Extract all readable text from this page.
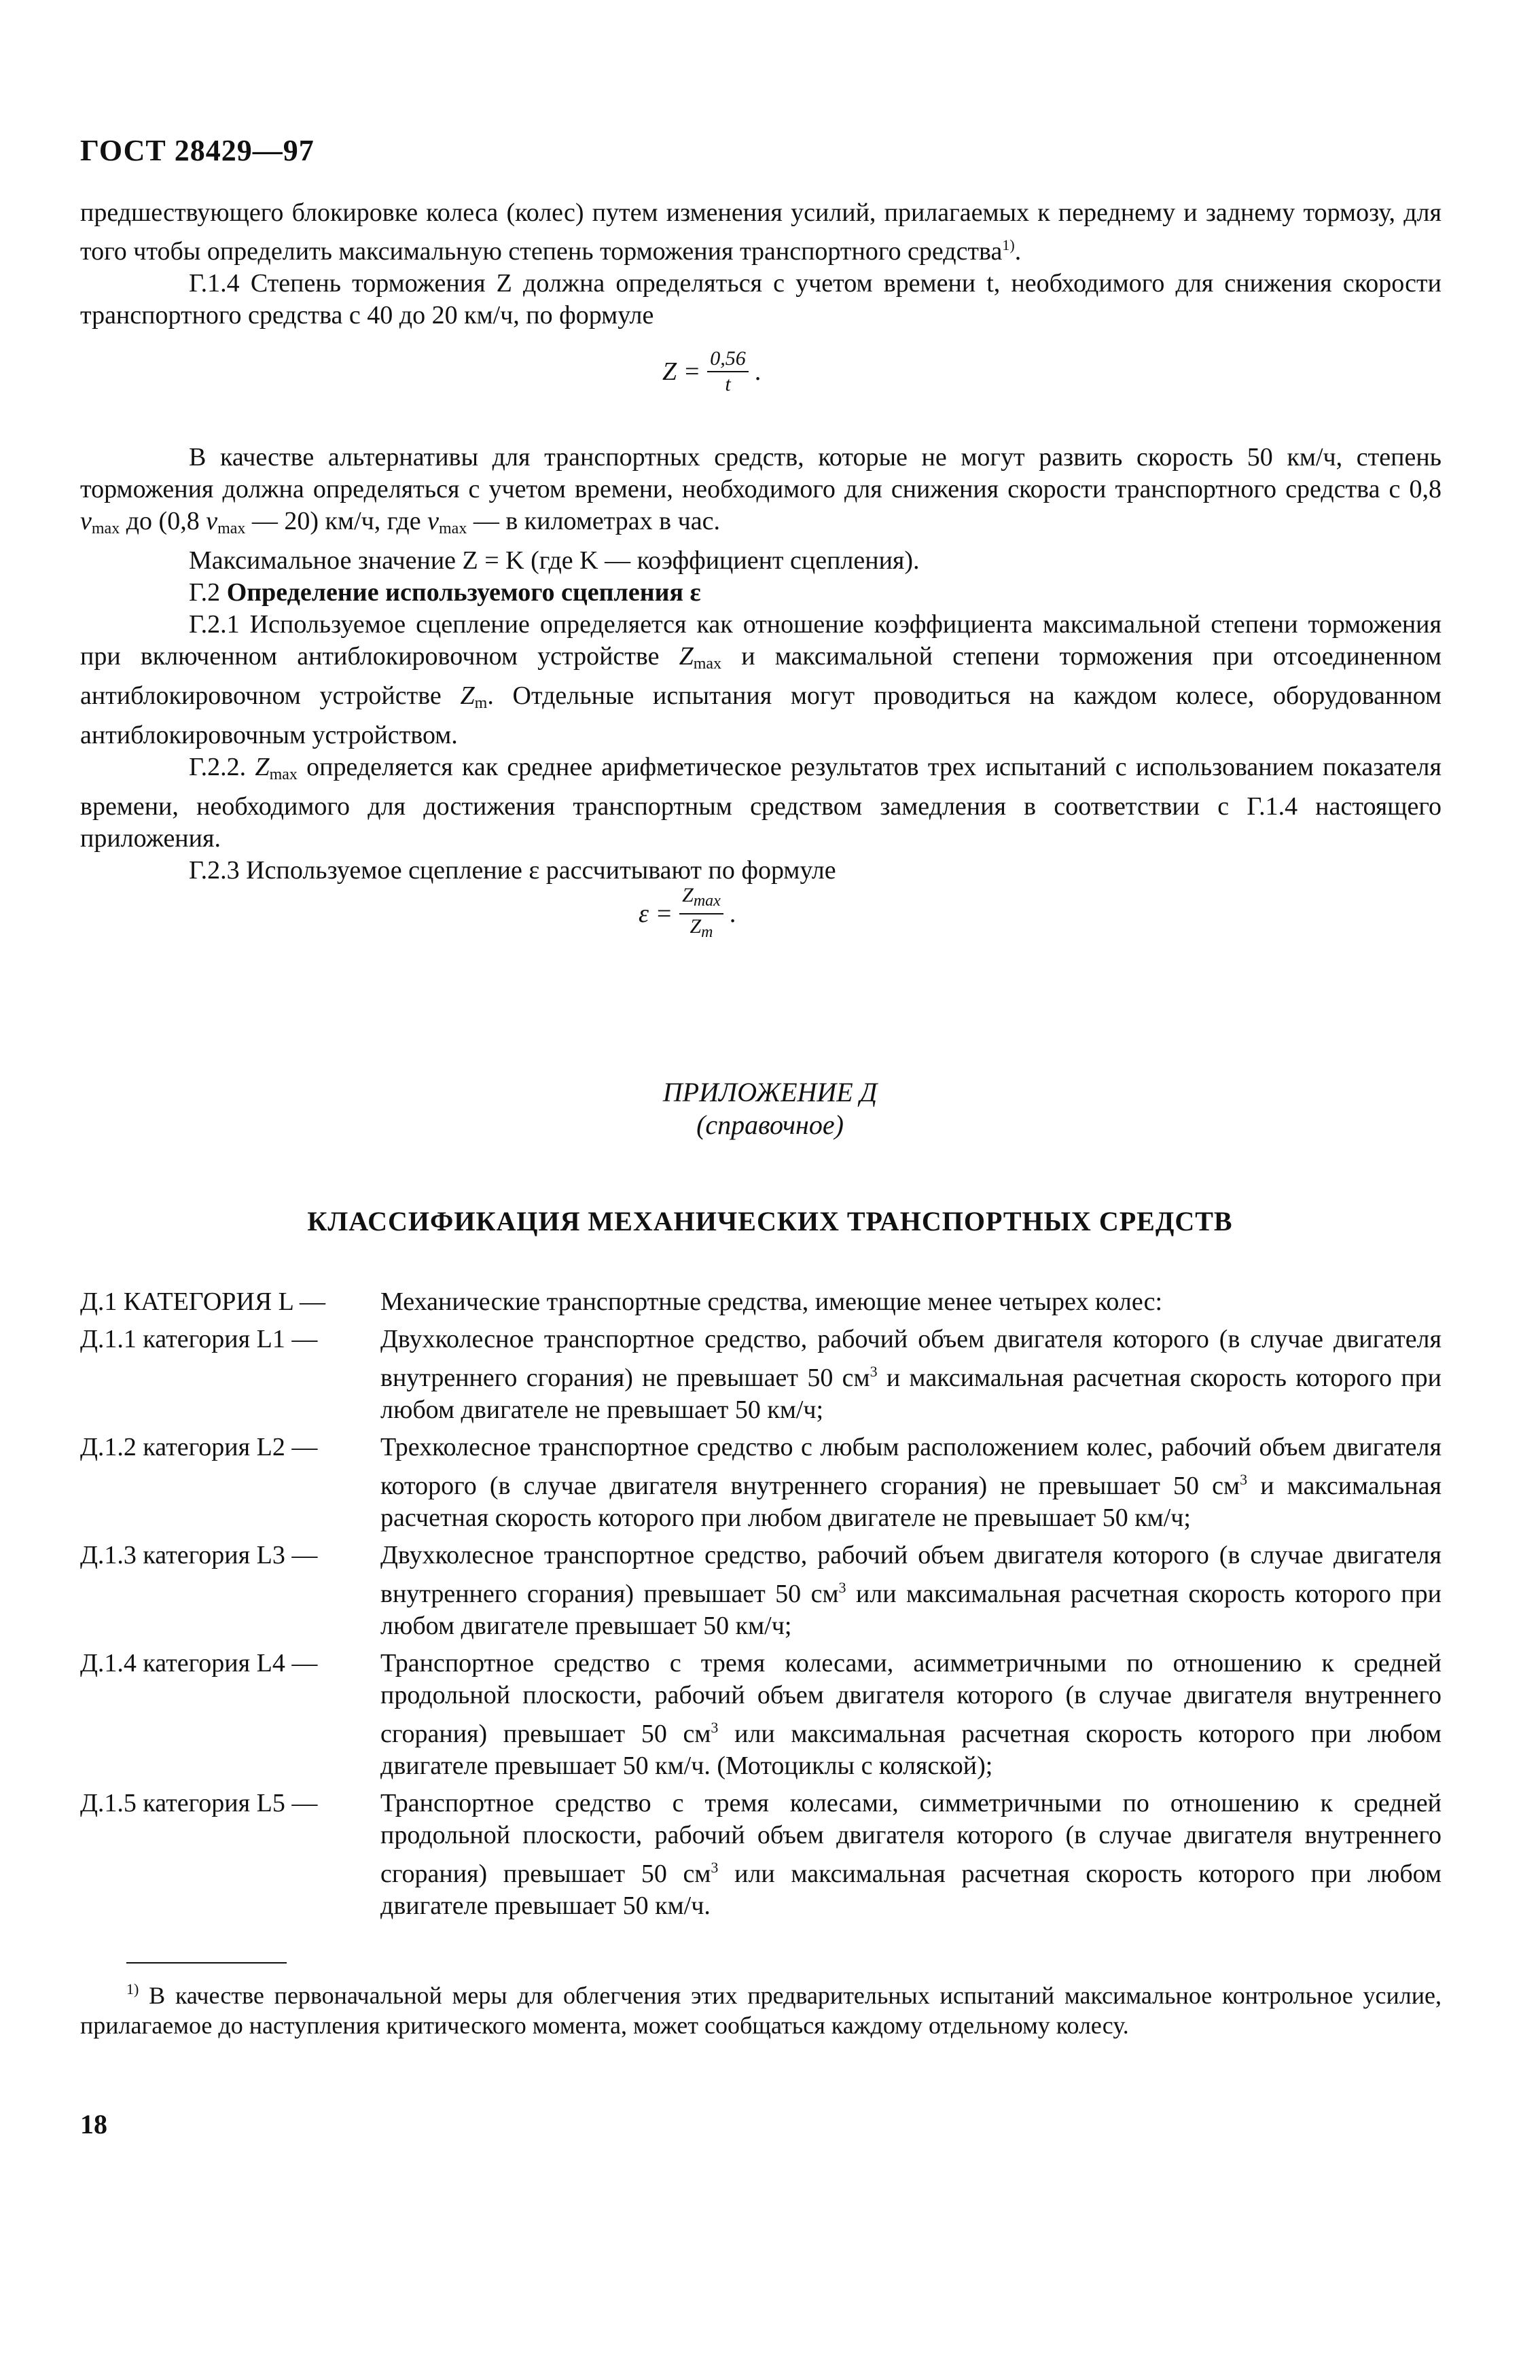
ГОСТ 28429—97

предшествующего блокировке колеса (колес) путем изменения усилий, прилагаемых к переднему и заднему тормозу, для того чтобы определить максимальную степень торможения транспортного средства$^{1)}$.

Г.1.4 Степень торможения Z должна определяться с учетом времени t, необходимого для снижения скорости транспортного средства с 40 до 20 км/ч, по формуле

$Z = \frac{0,56}{t}$ .

В качестве альтернативы для транспортных средств, которые не могут развить скорость 50 км/ч, степень торможения должна определяться с учетом времени, необходимого для снижения скорости транспортного средства с 0,8 $v_{max}$ до (0,8 $v_{max}$ — 20) км/ч, где $v_{max}$ — в километрах в час.

Максимальное значение Z = K (где K — коэффициент сцепления).

Г.2 Определение используемого сцепления ε

Г.2.1 Используемое сцепление определяется как отношение коэффициента максимальной степени торможения при включенном антиблокировочном устройстве $Z_{max}$ и максимальной степени торможения при отсоединенном антиблокировочном устройстве $Z_m$. Отдельные испытания могут проводиться на каждом колесе, оборудованном антиблокировочным устройством.

Г.2.2. $Z_{max}$ определяется как среднее арифметическое результатов трех испытаний с использованием показателя времени, необходимого для достижения транспортным средством замедления в соответствии с Г.1.4 настоящего приложения.

Г.2.3 Используемое сцепление ε рассчитывают по формуле

$\varepsilon = \frac{Z_{max}}{Z_m}$ .
ПРИЛОЖЕНИЕ Д
(справочное)
КЛАССИФИКАЦИЯ МЕХАНИЧЕСКИХ ТРАНСПОРТНЫХ СРЕДСТВ
Д.1 КАТЕГОРИЯ L —	Механические транспортные средства, имеющие менее четырех колес:
Д.1.1 категория L1 —	Двухколесное транспортное средство, рабочий объем двигателя которого (в случае двигателя внутреннего сгорания) не превышает 50 $см^3$ и максимальная расчетная скорость которого при любом двигателе не превышает 50 км/ч;
Д.1.2 категория L2 —	Трехколесное транспортное средство с любым расположением колес, рабочий объем двигателя которого (в случае двигателя внутреннего сгорания) не превышает 50 $см^3$ и максимальная расчетная скорость которого при любом двигателе не превышает 50 км/ч;
Д.1.3 категория L3 —	Двухколесное транспортное средство, рабочий объем двигателя которого (в случае двигателя внутреннего сгорания) превышает 50 $см^3$ или максимальная расчетная скорость которого при любом двигателе превышает 50 км/ч;
Д.1.4 категория L4 —	Транспортное средство с тремя колесами, асимметричными по отношению к средней продольной плоскости, рабочий объем двигателя которого (в случае двигателя внутреннего сгорания) превышает 50 $см^3$ или максимальная расчетная скорость которого при любом двигателе превышает 50 км/ч. (Мотоциклы с коляской);
Д.1.5 категория L5 —	Транспортное средство с тремя колесами, симметричными по отношению к средней продольной плоскости, рабочий объем двигателя которого (в случае двигателя внутреннего сгорания) превышает 50 $см^3$ или максимальная расчетная скорость которого при любом двигателе превышает 50 км/ч.
$^{1)}$ В качестве первоначальной меры для облегчения этих предварительных испытаний максимальное контрольное усилие, прилагаемое до наступления критического момента, может сообщаться каждому отдельному колесу.
18
